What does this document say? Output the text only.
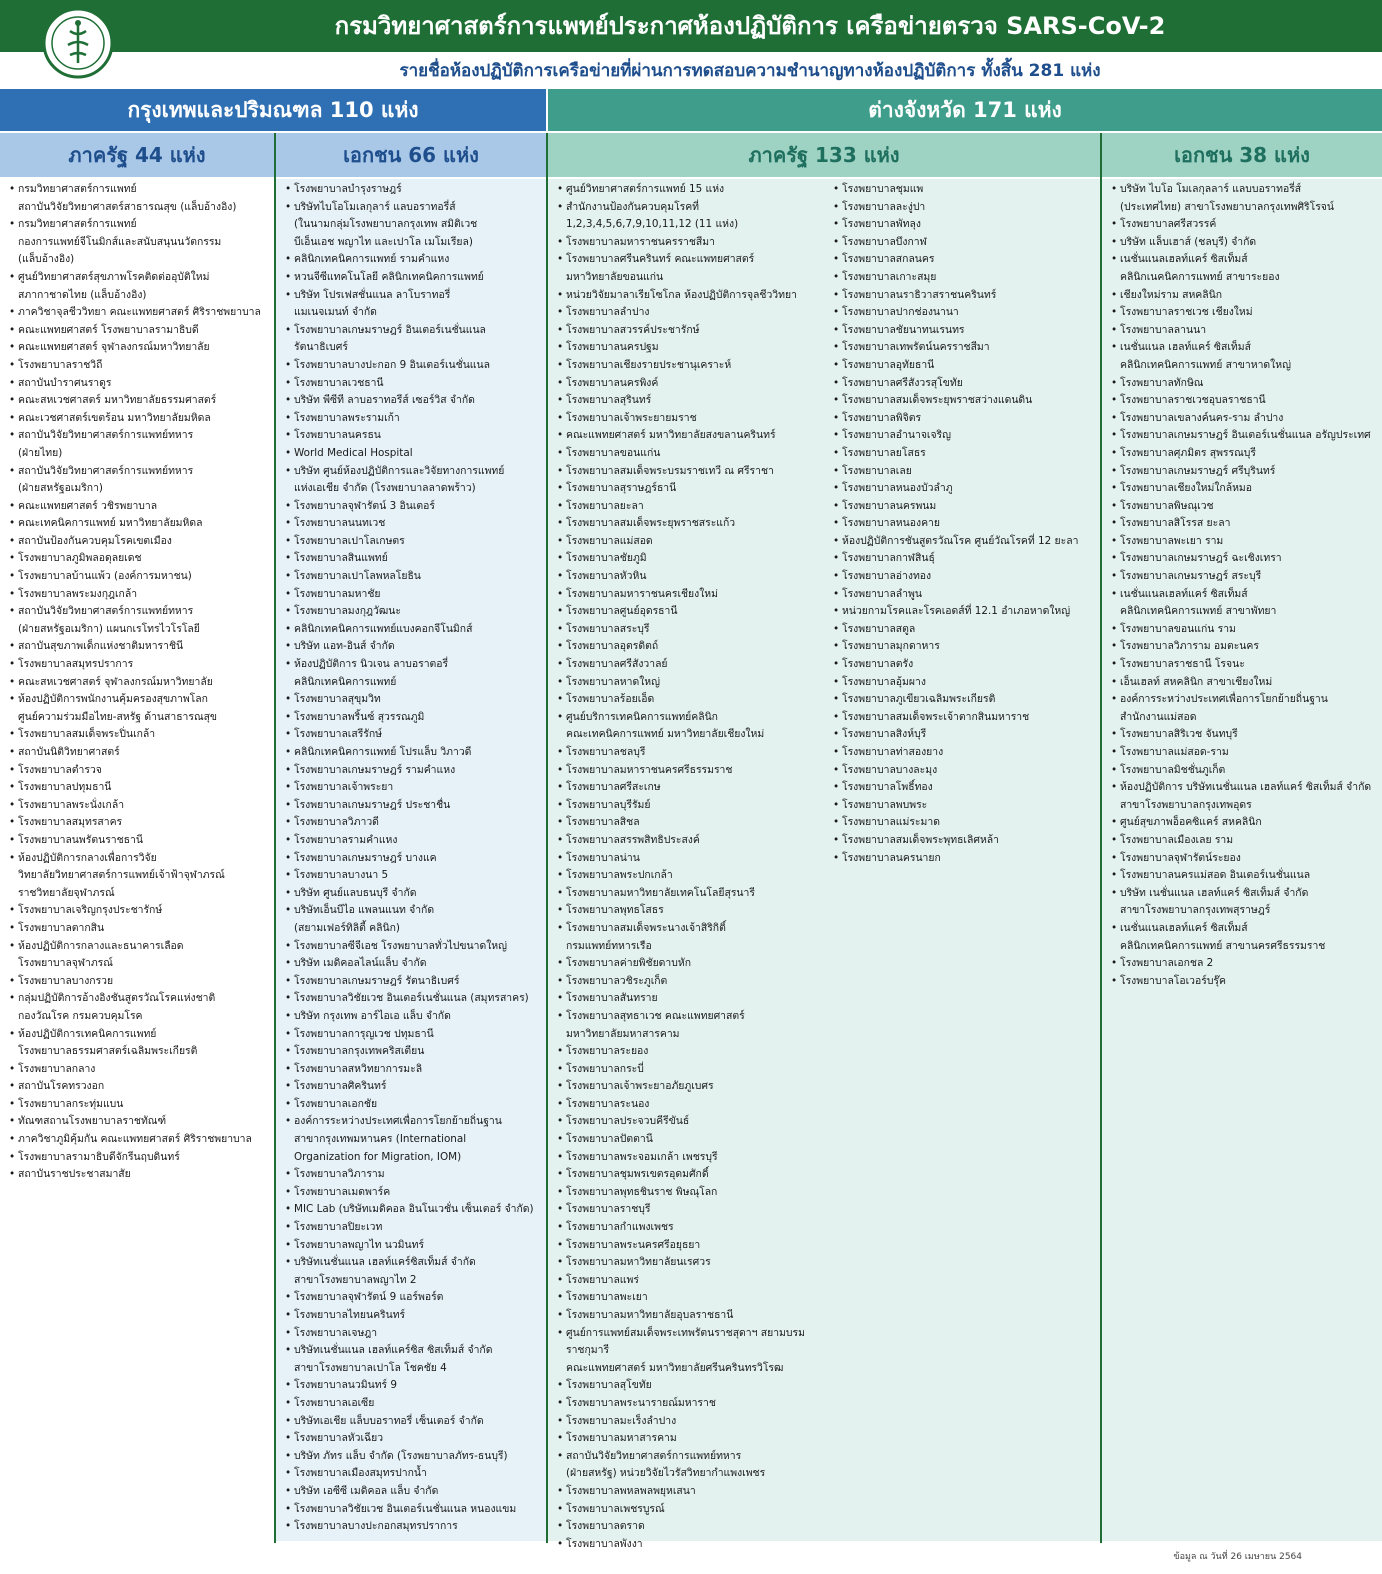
กรมวิทยาศาสตร์การแพทย์ประกาศห้องปฏิบัติการ เครือข่ายตรวจ SARS-CoV-2
รายชื่อห้องปฏิบัติการเครือข่ายที่ผ่านการทดสอบความชำนาญทางห้องปฏิบัติการ ทั้งสิ้น 281 แห่ง
กรุงเทพและปริมณฑล 110 แห่ง	ต่างจังหวัด 171 แห่ง
ภาครัฐ 44 แห่ง	เอกชน 66 แห่ง	ภาครัฐ 133 แห่ง	เอกชน 38 แห่ง
• กรมวิทยาศาสตร์การแพทย์
สถาบันวิจัยวิทยาศาสตร์สาธารณสุข (แล็บอ้างอิง)
• กรมวิทยาศาสตร์การแพทย์
กองการแพทย์จีโนมิกส์และสนับสนุนนวัตกรรม
(แล็บอ้างอิง)
• ศูนย์วิทยาศาสตร์สุขภาพโรคติดต่ออุบัติใหม่
สภากาชาดไทย (แล็บอ้างอิง)
• ภาควิชาจุลชีววิทยา คณะแพทยศาสตร์ ศิริราชพยาบาล
• คณะแพทยศาสตร์ โรงพยาบาลรามาธิบดี
• คณะแพทยศาสตร์ จุฬาลงกรณ์มหาวิทยาลัย
• โรงพยาบาลราชวิถี
• สถาบันบำราศนราดูร
• คณะสหเวชศาสตร์ มหาวิทยาลัยธรรมศาสตร์
• คณะเวชศาสตร์เขตร้อน มหาวิทยาลัยมหิดล
• สถาบันวิจัยวิทยาศาสตร์การแพทย์ทหาร
(ฝ่ายไทย)
• สถาบันวิจัยวิทยาศาสตร์การแพทย์ทหาร
(ฝ่ายสหรัฐอเมริกา)
• คณะแพทยศาสตร์ วชิรพยาบาล
• คณะเทคนิคการแพทย์ มหาวิทยาลัยมหิดล
• สถาบันป้องกันควบคุมโรคเขตเมือง
• โรงพยาบาลภูมิพลอดุลยเดช
• โรงพยาบาลบ้านแพ้ว (องค์การมหาชน)
• โรงพยาบาลพระมงกุฎเกล้า
• สถาบันวิจัยวิทยาศาสตร์การแพทย์ทหาร
(ฝ่ายสหรัฐอเมริกา) แผนกเรโทรไวโรโลยี
• สถาบันสุขภาพเด็กแห่งชาติมหาราชินี
• โรงพยาบาลสมุทรปราการ
• คณะสหเวชศาสตร์ จุฬาลงกรณ์มหาวิทยาลัย
• ห้องปฏิบัติการพนักงานคุ้มครองสุขภาพโลก
ศูนย์ความร่วมมือไทย-สหรัฐ ด้านสาธารณสุข
• โรงพยาบาลสมเด็จพระปิ่นเกล้า
• สถาบันนิติวิทยาศาสตร์
• โรงพยาบาลตำรวจ
• โรงพยาบาลปทุมธานี
• โรงพยาบาลพระนั่งเกล้า
• โรงพยาบาลสมุทรสาคร
• โรงพยาบาลนพรัตนราชธานี
• ห้องปฏิบัติการกลางเพื่อการวิจัย
วิทยาลัยวิทยาศาสตร์การแพทย์เจ้าฟ้าจุฬาภรณ์
ราชวิทยาลัยจุฬาภรณ์
• โรงพยาบาลเจริญกรุงประชารักษ์
• โรงพยาบาลตากสิน
• ห้องปฏิบัติการกลางและธนาคารเลือด
โรงพยาบาลจุฬาภรณ์
• โรงพยาบาลบางกรวย
• กลุ่มปฏิบัติการอ้างอิงชันสูตรวัณโรคแห่งชาติ
กองวัณโรค กรมควบคุมโรค
• ห้องปฏิบัติการเทคนิคการแพทย์
โรงพยาบาลธรรมศาสตร์เฉลิมพระเกียรติ
• โรงพยาบาลกลาง
• สถาบันโรคทรวงอก
• โรงพยาบาลกระทุ่มแบน
• ทัณฑสถานโรงพยาบาลราชทัณฑ์
• ภาควิชาภูมิคุ้มกัน คณะแพทยศาสตร์ ศิริราชพยาบาล
• โรงพยาบาลรามาธิบดีจักรีนฤบดินทร์
• สถาบันราชประชาสมาสัย
• โรงพยาบาลบำรุงราษฎร์
• บริษัทไบโอโมเลกุลาร์ แลบอราทอรี่ส์
(ในนามกลุ่มโรงพยาบาลกรุงเทพ สมิติเวช
บีเอ็นเอช พญาไท และเปาโล เมโมเรียล)
• คลินิกเทคนิคการแพทย์ รามคำแหง
• หวนจีซีแทคโนโลยี คลินิกเทคนิคการแพทย์
• บริษัท โปรเฟสชั่นแนล ลาโบราทอรี่
แมเนจเมนท์ จำกัด
• โรงพยาบาลเกษมราษฎร์ อินเตอร์เนชั่นแนล
รัตนาธิเบศร์
• โรงพยาบาลบางปะกอก 9 อินเตอร์เนชั่นแนล
• โรงพยาบาลเวชธานี
• บริษัท พีซีที ลาบอราทอรีส์ เซอร์วิส จำกัด
• โรงพยาบาลพระรามเก้า
• โรงพยาบาลนครธน
• World Medical Hospital
• บริษัท ศูนย์ห้องปฏิบัติการและวิจัยทางการแพทย์
แห่งเอเชีย จำกัด (โรงพยาบาลลาดพร้าว)
• โรงพยาบาลจุฬารัตน์ 3 อินเตอร์
• โรงพยาบาลนนทเวช
• โรงพยาบาลเปาโลเกษตร
• โรงพยาบาลสินแพทย์
• โรงพยาบาลเปาโลพหลโยธิน
• โรงพยาบาลมหาชัย
• โรงพยาบาลมงกุฎวัฒนะ
• คลินิกเทคนิคการแพทย์แบงคอกจีโนมิกส์
• บริษัท แอท-อินส์ จำกัด
• ห้องปฏิบัติการ นิวเจน ลาบอราตอรี่
คลินิกเทคนิคการแพทย์
• โรงพยาบาลสุขุมวิท
• โรงพยาบาลพริ้นซ์ สุวรรณภูมิ
• โรงพยาบาลเสรีรักษ์
• คลินิกเทคนิคการแพทย์ โปรแล็บ วิภาวดี
• โรงพยาบาลเกษมราษฎร์ รามคำแหง
• โรงพยาบาลเจ้าพระยา
• โรงพยาบาลเกษมราษฎร์ ประชาชื่น
• โรงพยาบาลวิภาวดี
• โรงพยาบาลรามคำแหง
• โรงพยาบาลเกษมราษฎร์ บางแค
• โรงพยาบาลบางนา 5
• บริษัท ศูนย์แลบธนบุรี จำกัด
• บริษัทเอ็นบีไอ แพลนแนท จำกัด
(สยามเฟอร์ทิลิตี้ คลินิก)
• โรงพยาบาลซีจีเอช โรงพยาบาลทั่วไปขนาดใหญ่
• บริษัท เมดิคอลไลน์แล็บ จำกัด
• โรงพยาบาลเกษมราษฎร์ รัตนาธิเบศร์
• โรงพยาบาลวิชัยเวช อินเตอร์เนชั่นแนล (สมุทรสาคร)
• บริษัท กรุงเทพ อาร์ไอเอ แล็บ จำกัด
• โรงพยาบาลการุญเวช ปทุมธานี
• โรงพยาบาลกรุงเทพคริสเตียน
• โรงพยาบาลสหวิทยาการมะลิ
• โรงพยาบาลศิครินทร์
• โรงพยาบาลเอกชัย
• องค์การระหว่างประเทศเพื่อการโยกย้ายถิ่นฐาน
สาขากรุงเทพมหานคร (International
Organization for Migration, IOM)
• โรงพยาบาลวิภาราม
• โรงพยาบาลเมดพาร์ค
• MIC Lab (บริษัทเมดิคอล อินโนเวชั่น เซ็นเตอร์ จำกัด)
• โรงพยาบาลปิยะเวท
• โรงพยาบาลพญาไท นวมินทร์
• บริษัทเนชั่นแนล เฮลท์แคร์ซิสเท็มส์ จำกัด
สาขาโรงพยาบาลพญาไท 2
• โรงพยาบาลจุฬารัตน์ 9 แอร์พอร์ต
• โรงพยาบาลไทยนครินทร์
• โรงพยาบาลเจษฎา
• บริษัทเนชั่นแนล เฮลท์แคร์ซิส ซิสเท็มส์ จำกัด
สาขาโรงพยาบาลเปาโล โชคชัย 4
• โรงพยาบาลนวมินทร์ 9
• โรงพยาบาลเอเซีย
• บริษัทเอเชีย แล็บบอราทอรี่ เซ็นเตอร์ จำกัด
• โรงพยาบาลหัวเฉียว
• บริษัท ภัทร แล็บ จำกัด (โรงพยาบาลภัทร-ธนบุรี)
• โรงพยาบาลเมืองสมุทรปากน้ำ
• บริษัท เอซีซี เมดิคอล แล็บ จำกัด
• โรงพยาบาลวิชัยเวช อินเตอร์เนชั่นแนล หนองแขม
• โรงพยาบาลบางปะกอกสมุทรปราการ
• ศูนย์วิทยาศาสตร์การแพทย์ 15 แห่ง
• สำนักงานป้องกันควบคุมโรคที่
1,2,3,4,5,6,7,9,10,11,12 (11 แห่ง)
• โรงพยาบาลมหาราชนครราชสีมา
• โรงพยาบาลศรีนครินทร์ คณะแพทยศาสตร์
มหาวิทยาลัยขอนแก่น
• หน่วยวิจัยมาลาเรียโซโกล ห้องปฏิบัติการจุลชีววิทยา
• โรงพยาบาลลำปาง
• โรงพยาบาลสวรรค์ประชารักษ์
• โรงพยาบาลนครปฐม
• โรงพยาบาลเชียงรายประชานุเคราะห์
• โรงพยาบาลนครพิงค์
• โรงพยาบาลสุรินทร์
• โรงพยาบาลเจ้าพระยายมราช
• คณะแพทยศาสตร์ มหาวิทยาลัยสงขลานครินทร์
• โรงพยาบาลขอนแก่น
• โรงพยาบาลสมเด็จพระบรมราชเทวี ณ ศรีราชา
• โรงพยาบาลสุราษฎร์ธานี
• โรงพยาบาลยะลา
• โรงพยาบาลสมเด็จพระยุพราชสระแก้ว
• โรงพยาบาลแม่สอด
• โรงพยาบาลชัยภูมิ
• โรงพยาบาลหัวหิน
• โรงพยาบาลมหาราชนครเชียงใหม่
• โรงพยาบาลศูนย์อุดรธานี
• โรงพยาบาลสระบุรี
• โรงพยาบาลอุตรดิตถ์
• โรงพยาบาลศรีสังวาลย์
• โรงพยาบาลหาดใหญ่
• โรงพยาบาลร้อยเอ็ด
• ศูนย์บริการเทคนิคการแพทย์คลินิก
คณะเทคนิคการแพทย์ มหาวิทยาลัยเชียงใหม่
• โรงพยาบาลชลบุรี
• โรงพยาบาลมหาราชนครศรีธรรมราช
• โรงพยาบาลศรีสะเกษ
• โรงพยาบาลบุรีรัมย์
• โรงพยาบาลสิชล
• โรงพยาบาลสรรพสิทธิประสงค์
• โรงพยาบาลน่าน
• โรงพยาบาลพระปกเกล้า
• โรงพยาบาลมหาวิทยาลัยเทคโนโลยีสุรนารี
• โรงพยาบาลพุทธโสธร
• โรงพยาบาลสมเด็จพระนางเจ้าสิริกิติ์
กรมแพทย์ทหารเรือ
• โรงพยาบาลค่ายพิชัยดาบหัก
• โรงพยาบาลวชิระภูเก็ต
• โรงพยาบาลสันทราย
• โรงพยาบาลสุทธาเวช คณะแพทยศาสตร์
มหาวิทยาลัยมหาสารคาม
• โรงพยาบาลระยอง
• โรงพยาบาลกระบี่
• โรงพยาบาลเจ้าพระยาอภัยภูเบศร
• โรงพยาบาลระนอง
• โรงพยาบาลประจวบคีรีขันธ์
• โรงพยาบาลปัตตานี
• โรงพยาบาลพระจอมเกล้า เพชรบุรี
• โรงพยาบาลชุมพรเขตรอุดมศักดิ์
• โรงพยาบาลพุทธชินราช พิษณุโลก
• โรงพยาบาลราชบุรี
• โรงพยาบาลกำแพงเพชร
• โรงพยาบาลพระนครศรีอยุธยา
• โรงพยาบาลมหาวิทยาลัยนเรศวร
• โรงพยาบาลแพร่
• โรงพยาบาลพะเยา
• โรงพยาบาลมหาวิทยาลัยอุบลราชธานี
• ศูนย์การแพทย์สมเด็จพระเทพรัตนราชสุดาฯ สยามบรมราชกุมารี
คณะแพทยศาสตร์ มหาวิทยาลัยศรีนครินทรวิโรฒ
• โรงพยาบาลสุโขทัย
• โรงพยาบาลพระนารายณ์มหาราช
• โรงพยาบาลมะเร็งลำปาง
• โรงพยาบาลมหาสารคาม
• สถาบันวิจัยวิทยาศาสตร์การแพทย์ทหาร
(ฝ่ายสหรัฐ) หน่วยวิจัยไวรัสวิทยากำแพงเพชร
• โรงพยาบาลพหลพลพยุหเสนา
• โรงพยาบาลเพชรบูรณ์
• โรงพยาบาลตราด
• โรงพยาบาลพังงา
• โรงพยาบาลชุมแพ
• โรงพยาบาลละงู่ปา
• โรงพยาบาลพัทลุง
• โรงพยาบาลบึงกาฬ
• โรงพยาบาลสกลนคร
• โรงพยาบาลเกาะสมุย
• โรงพยาบาลนราธิวาสราชนครินทร์
• โรงพยาบาลปากช่องนานา
• โรงพยาบาลชัยนาทนเรนทร
• โรงพยาบาลเทพรัตน์นครราชสีมา
• โรงพยาบาลอุทัยธานี
• โรงพยาบาลศรีสังวรสุโขทัย
• โรงพยาบาลสมเด็จพระยุพราชสว่างแดนดิน
• โรงพยาบาลพิจิตร
• โรงพยาบาลอำนาจเจริญ
• โรงพยาบาลยโสธร
• โรงพยาบาลเลย
• โรงพยาบาลหนองบัวลำภู
• โรงพยาบาลนครพนม
• โรงพยาบาลหนองคาย
• ห้องปฏิบัติการชันสูตรวัณโรค ศูนย์วัณโรคที่ 12 ยะลา
• โรงพยาบาลกาฬสินธุ์
• โรงพยาบาลอ่างทอง
• โรงพยาบาลลำพูน
• หน่วยกามโรคและโรคเอดส์ที่ 12.1 อำเภอหาดใหญ่
• โรงพยาบาลสตูล
• โรงพยาบาลมุกดาหาร
• โรงพยาบาลตรัง
• โรงพยาบาลอุ้มผาง
• โรงพยาบาลภูเขียวเฉลิมพระเกียรติ
• โรงพยาบาลสมเด็จพระเจ้าตากสินมหาราช
• โรงพยาบาลสิงห์บุรี
• โรงพยาบาลท่าสองยาง
• โรงพยาบาลบางละมุง
• โรงพยาบาลโพธิ์ทอง
• โรงพยาบาลพบพระ
• โรงพยาบาลแม่ระมาด
• โรงพยาบาลสมเด็จพระพุทธเลิศหล้า
• โรงพยาบาลนครนายก
• บริษัท ไบโอ โมเลกุลลาร์ แลบบอราทอรี่ส์
(ประเทศไทย) สาขาโรงพยาบาลกรุงเทพศิริโรจน์
• โรงพยาบาลศรีสวรรค์
• บริษัท แล็บเฮาส์ (ชลบุรี) จำกัด
• เนชั่นแนลเฮลท์แคร์ ซิสเท็มส์
คลินิกเนคนิคการแพทย์ สาขาระยอง
• เชียงใหม่ราม สหคลินิก
• โรงพยาบาลราชเวช เชียงใหม่
• โรงพยาบาลลานนา
• เนชั่นแนล เฮลท์แคร์ ซิสเท็มส์
คลินิกเทคนิคการแพทย์ สาขาหาดใหญ่
• โรงพยาบาลทักษิณ
• โรงพยาบาลราชเวชอุบลราชธานี
• โรงพยาบาลเขลางค์นคร-ราม ลำปาง
• โรงพยาบาลเกษมราษฎร์ อินเตอร์เนชั่นแนล อรัญประเทศ
• โรงพยาบาลศุภมิตร สุพรรณบุรี
• โรงพยาบาลเกษมราษฎร์ ศรีบุรินทร์
• โรงพยาบาลเชียงใหม่ใกล้หมอ
• โรงพยาบาลพิษณุเวช
• โรงพยาบาลสิโรรส ยะลา
• โรงพยาบาลพะเยา ราม
• โรงพยาบาลเกษมราษฎร์ ฉะเชิงเทรา
• โรงพยาบาลเกษมราษฎร์ สระบุรี
• เนชั่นแนลเฮลท์แคร์ ซิสเท็มส์
คลินิกเทคนิคการแพทย์ สาขาพัทยา
• โรงพยาบาลขอนแก่น ราม
• โรงพยาบาลวิภาราม อมตะนคร
• โรงพยาบาลราชธานี โรจนะ
• เอ็นเฮลท์ สหคลินิก สาขาเชียงใหม่
• องค์การระหว่างประเทศเพื่อการโยกย้ายถิ่นฐาน
สำนักงานแม่สอด
• โรงพยาบาลสิริเวช จันทบุรี
• โรงพยาบาลแม่สอด-ราม
• โรงพยาบาลมิชชั่นภูเก็ต
• ห้องปฏิบัติการ บริษัทเนชั่นแนล เฮลท์แคร์ ซิสเท็มส์ จำกัด
สาขาโรงพยาบาลกรุงเทพอุดร
• ศูนย์สุขภาพอ็อคซิแคร์ สหคลินิก
• โรงพยาบาลเมืองเลย ราม
• โรงพยาบาลจุฬารัตน์ระยอง
• โรงพยาบาลนครแม่สอด อินเตอร์เนชั่นแนล
• บริษัท เนชั่นแนล เฮลท์แคร์ ซิสเท็มส์ จำกัด
สาขาโรงพยาบาลกรุงเทพสุราษฎร์
• เนชั่นแนลเฮลท์แคร์ ซิสเท็มส์
คลินิกเทคนิคการแพทย์ สาขานครศรีธรรมราช
• โรงพยาบาลเอกชล 2
• โรงพยาบาลโอเวอร์บรุ๊ค
ข้อมูล ณ วันที่ 26 เมษายน 2564
